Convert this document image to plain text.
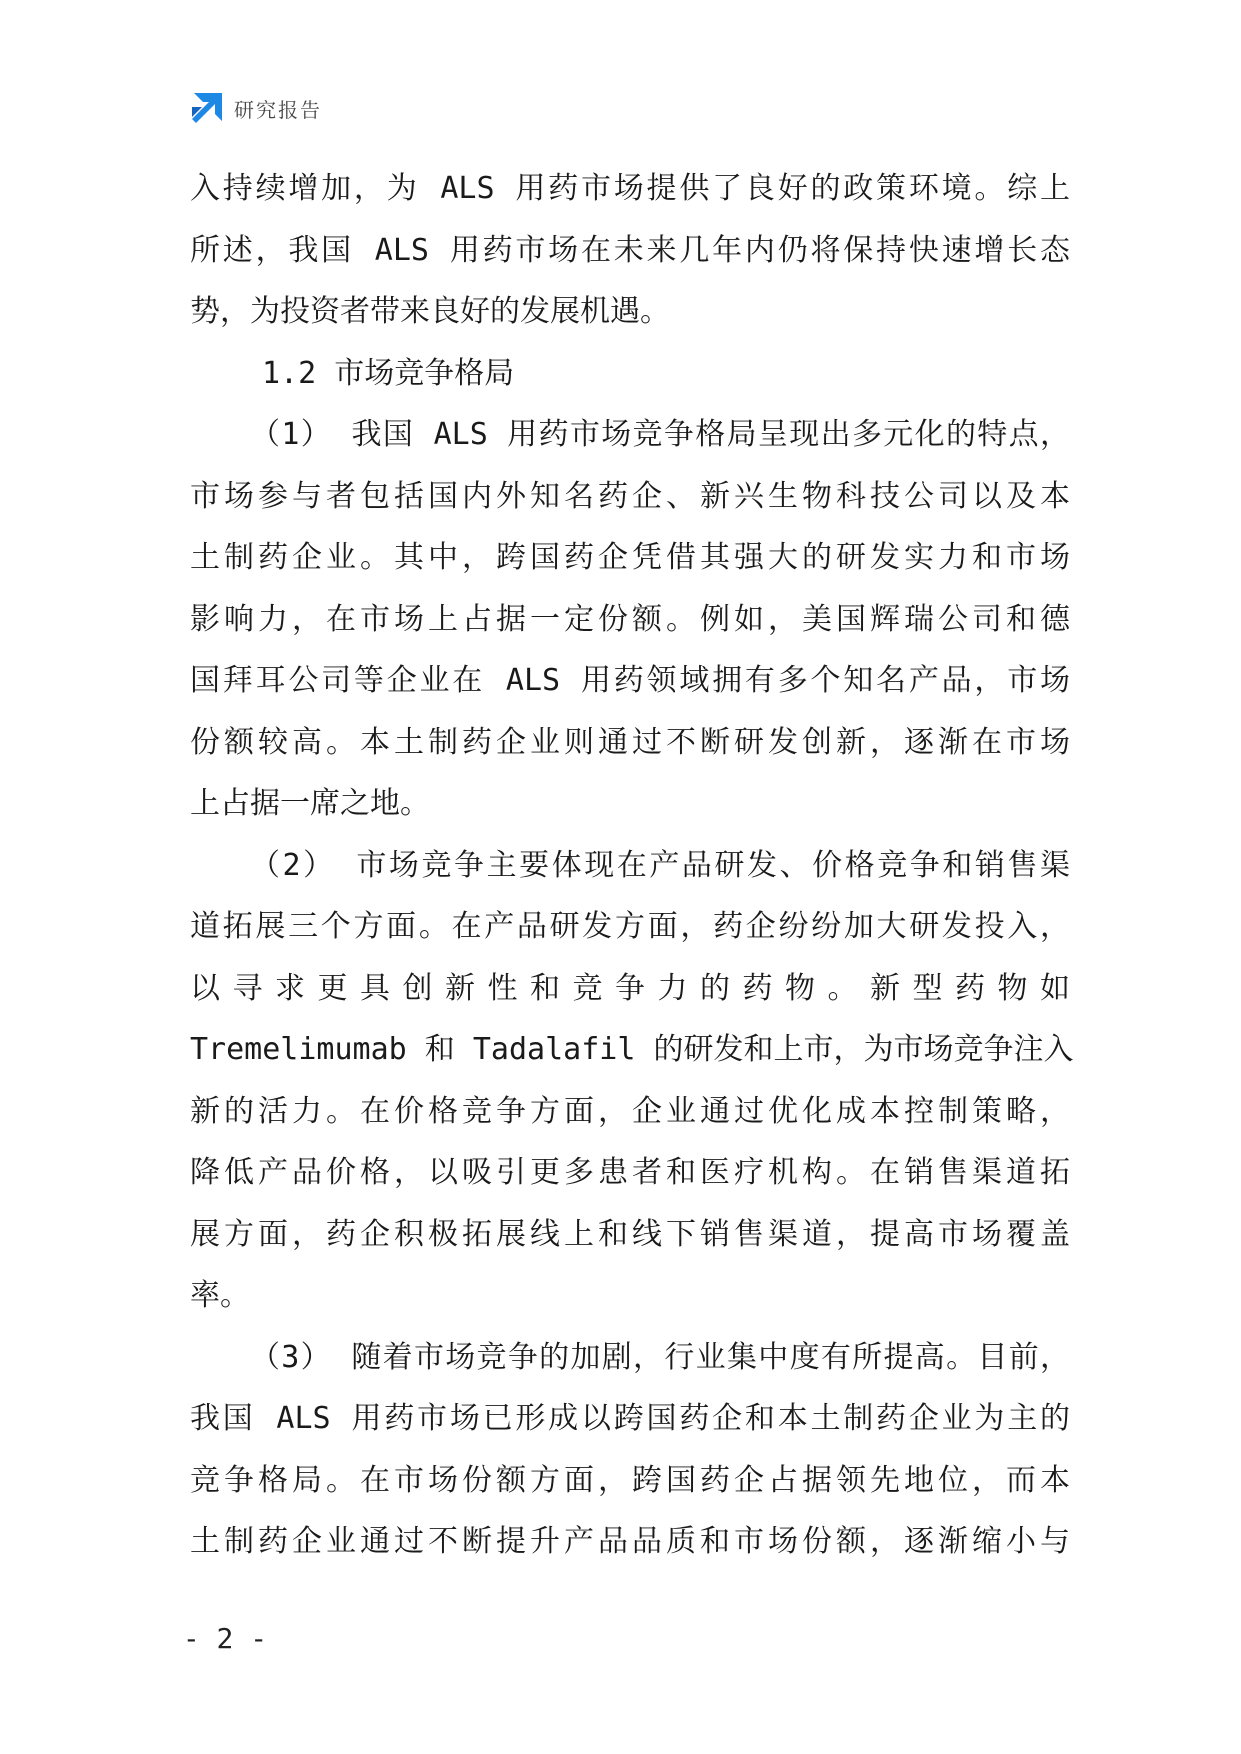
研究报告
入持续增加，为 ALS 用药市场提供了良好的政策环境。综上
所述，我国 ALS 用药市场在未来几年内仍将保持快速增长态
势，为投资者带来良好的发展机遇。
1.2 市场竞争格局
（1） 我国 ALS 用药市场竞争格局呈现出多元化的特点，
市场参与者包括国内外知名药企、新兴生物科技公司以及本
土制药企业。其中，跨国药企凭借其强大的研发实力和市场
影响力，在市场上占据一定份额。例如，美国辉瑞公司和德
国拜耳公司等企业在 ALS 用药领域拥有多个知名产品，市场
份额较高。本土制药企业则通过不断研发创新，逐渐在市场
上占据一席之地。
（2） 市场竞争主要体现在产品研发、价格竞争和销售渠
道拓展三个方面。在产品研发方面，药企纷纷加大研发投入，
以寻求更具创新性和竞争力的药物。新型药物如
Tremelimumab 和 Tadalafil 的研发和上市，为市场竞争注入
新的活力。在价格竞争方面，企业通过优化成本控制策略，
降低产品价格，以吸引更多患者和医疗机构。在销售渠道拓
展方面，药企积极拓展线上和线下销售渠道，提高市场覆盖
率。
（3） 随着市场竞争的加剧，行业集中度有所提高。目前，
我国 ALS 用药市场已形成以跨国药企和本土制药企业为主的
竞争格局。在市场份额方面，跨国药企占据领先地位，而本
土制药企业通过不断提升产品品质和市场份额，逐渐缩小与
- 2 -
